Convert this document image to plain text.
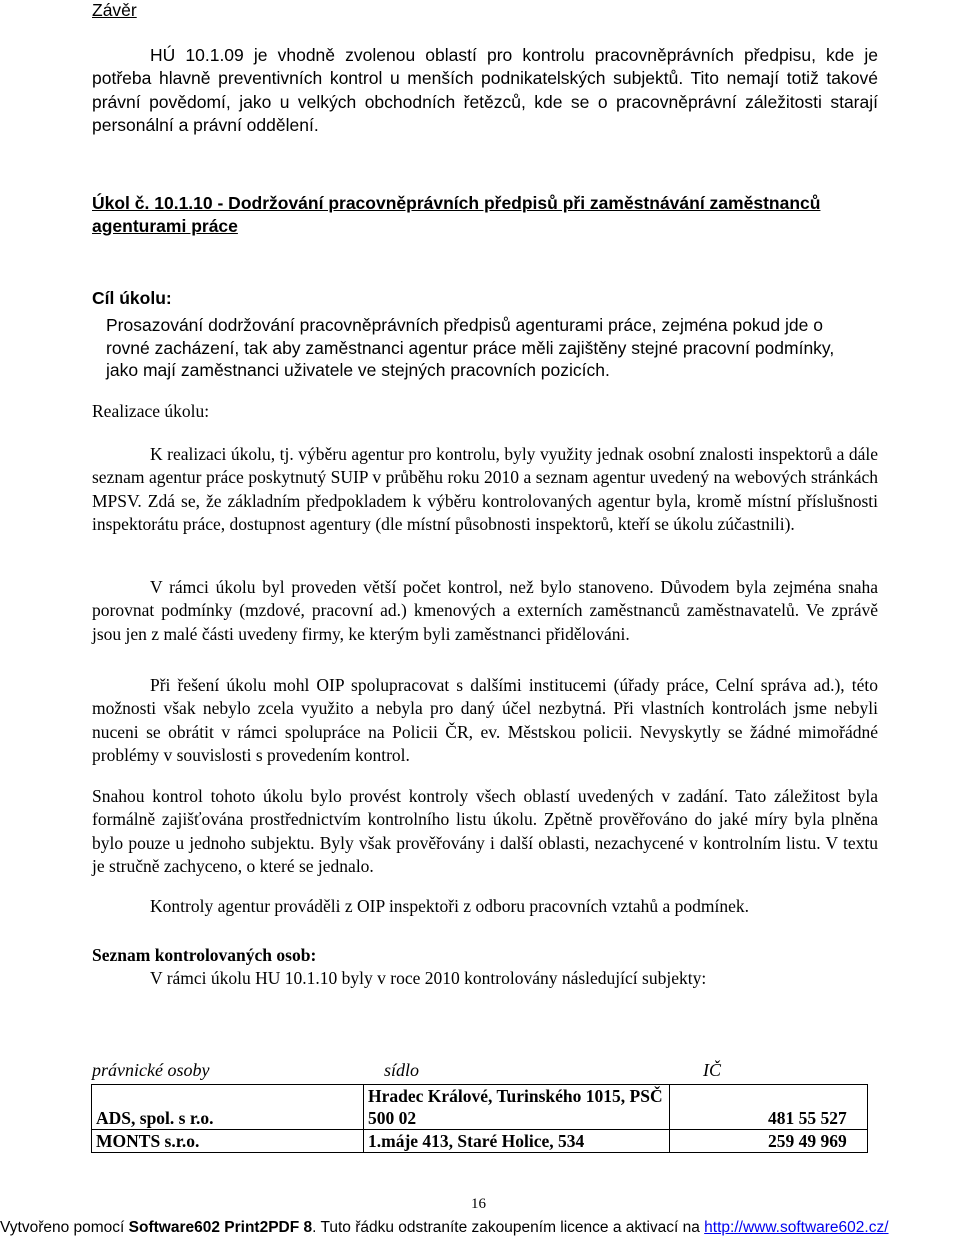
Závěr

HÚ 10.1.09 je vhodně zvolenou oblastí pro kontrolu pracovněprávních předpisu, kde je potřeba hlavně preventivních kontrol u menších podnikatelských subjektů. Tito nemají totiž takové právní povědomí, jako u velkých obchodních řetězců, kde se o pracovněprávní záležitosti starají personální a právní oddělení.

Úkol č. 10.1.10 - Dodržování pracovněprávních předpisů při zaměstnávání zaměstnanců agenturami práce
Cíl úkolu:

Prosazování dodržování pracovněprávních předpisů agenturami práce, zejména pokud jde o rovné zacházení, tak aby zaměstnanci agentur práce měli zajištěny stejné pracovní podmínky, jako mají zaměstnanci uživatele ve stejných pracovních pozicích.

Realizace úkolu:

K realizaci úkolu, tj. výběru agentur pro kontrolu, byly využity jednak osobní znalosti inspektorů a dále seznam agentur práce poskytnutý SUIP v průběhu roku 2010 a seznam agentur uvedený na webových stránkách MPSV. Zdá se, že základním předpokladem k výběru kontrolovaných agentur byla, kromě místní příslušnosti inspektorátu práce, dostupnost agentury (dle místní působnosti inspektorů, kteří se úkolu zúčastnili).

V rámci úkolu byl proveden větší počet kontrol, než bylo stanoveno. Důvodem byla zejména snaha porovnat podmínky (mzdové, pracovní ad.) kmenových a externích zaměstnanců zaměstnavatelů. Ve zprávě jsou jen z malé části uvedeny firmy, ke kterým byli zaměstnanci přidělováni.

Při řešení úkolu mohl OIP spolupracovat s dalšími institucemi (úřady práce, Celní správa ad.), této možnosti však nebylo zcela využito a nebyla pro daný účel nezbytná. Při vlastních kontrolách jsme nebyli nuceni se obrátit v rámci spolupráce na Policii ČR, ev. Městskou policii. Nevyskytly se žádné mimořádné problémy v souvislosti s provedením kontrol.

Snahou kontrol tohoto úkolu bylo provést kontroly všech oblastí uvedených v zadání. Tato záležitost byla formálně zajišťována prostřednictvím kontrolního listu úkolu. Zpětně prověřováno do jaké míry byla plněna bylo pouze u jednoho subjektu. Byly však prověřovány i další oblasti, nezachycené v kontrolním listu. V textu je stručně zachyceno, o které se jednalo.

Kontroly agentur prováděli z OIP inspektoři z odboru pracovních vztahů a podmínek.

Seznam kontrolovaných osob:

V rámci úkolu HU 10.1.10 byly v roce 2010 kontrolovány následující subjekty:

právnické osoby	sídlo	IČ
ADS, spol. s r.o.	Hradec Králové, Turinského 1015, PSČ 500 02	481 55 527
MONTS s.r.o.	1.máje 413, Staré Holice, 534	259 49 969
16
Vytvořeno pomocí Software602 Print2PDF 8. Tuto řádku odstraníte zakoupením licence a aktivací na http://www.software602.cz/
